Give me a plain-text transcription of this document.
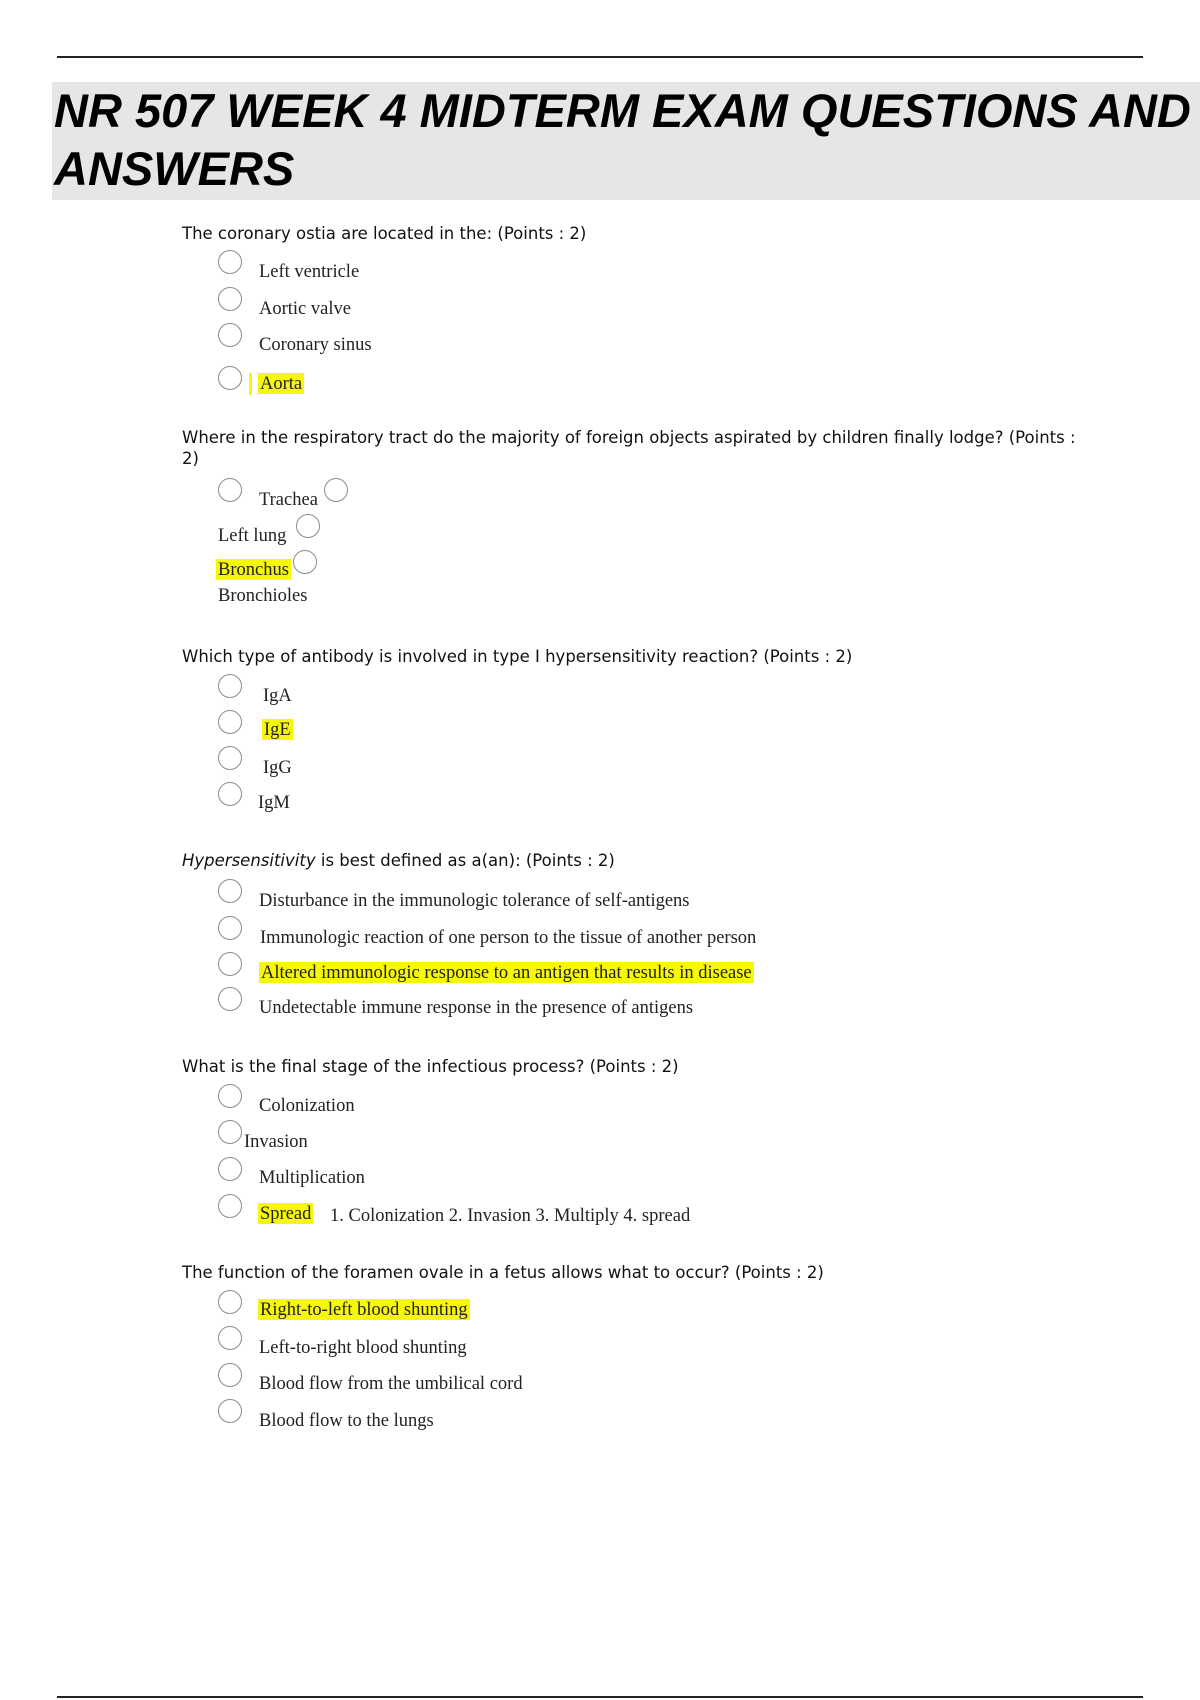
NR 507 WEEK 4 MIDTERM EXAM QUESTIONS AND
ANSWERS

The coronary ostia are located in the: (Points : 2)

Left ventricle
Aortic valve
Coronary sinus
Aorta

Where in the respiratory tract do the majority of foreign objects aspirated by children finally lodge? (Points : 2)

Trachea
Left lung
Bronchus
Bronchioles

Which type of antibody is involved in type I hypersensitivity reaction? (Points : 2)

IgA
IgE
IgG
IgM

Hypersensitivity is best defined as a(an): (Points : 2)

Disturbance in the immunologic tolerance of self-antigens
Immunologic reaction of one person to the tissue of another person
Altered immunologic response to an antigen that results in disease
Undetectable immune response in the presence of antigens

What is the final stage of the infectious process? (Points : 2)

Colonization
Invasion
Multiplication
Spread 1. Colonization 2. Invasion 3. Multiply 4. spread

The function of the foramen ovale in a fetus allows what to occur? (Points : 2)

Right-to-left blood shunting
Left-to-right blood shunting
Blood flow from the umbilical cord
Blood flow to the lungs
